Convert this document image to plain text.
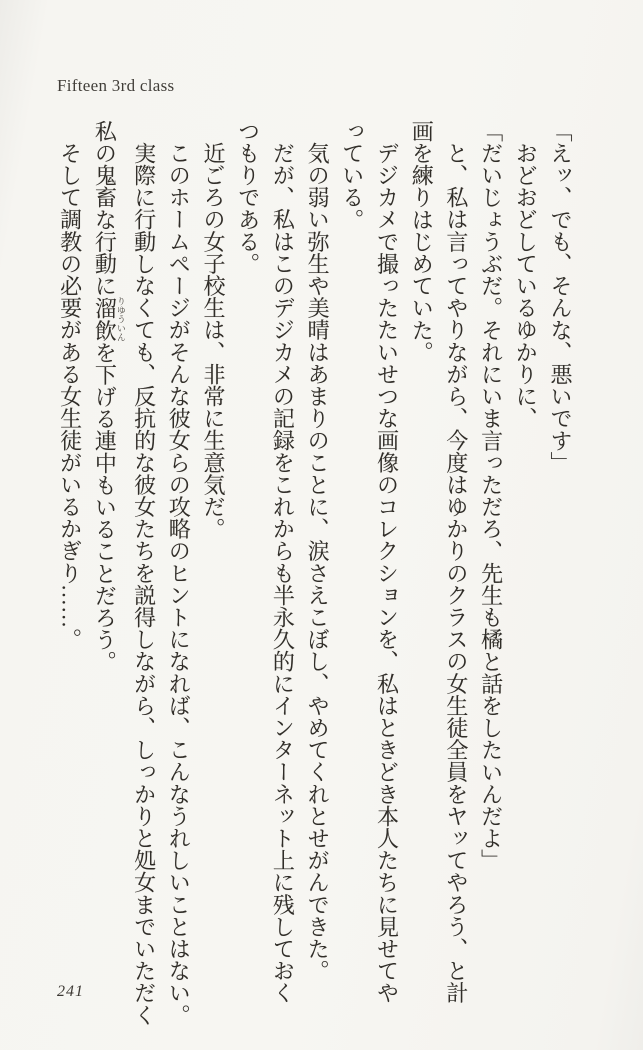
Fifteen 3rd class

「えッ、でも、そんな、悪いです」

おどおどしているゆかりに、

「だいじょうぶだ。それにいま言っただろ、先生も橘と話をしたいんだよ」

と、私は言ってやりながら、今度はゆかりのクラスの女生徒全員をヤッてやろう、と計

画を練りはじめていた。

デジカメで撮ったたいせつな画像のコレクションを、私はときどき本人たちに見せてや

っている。

気の弱い弥生や美晴はあまりのことに、涙さえこぼし、やめてくれとせがんできた。

だが、私はこのデジカメの記録をこれからも半永久的にインターネット上に残しておく

つもりである。

近ごろの女子校生は、非常に生意気だ。

このホームページがそんな彼女らの攻略のヒントになれば、こんなうれしいことはない。

実際に行動しなくても、反抗的な彼女たちを説得しながら、しっかりと処女までいただく

私の鬼畜な行動に溜飲りゆういんを下げる連中もいることだろう。

そして調教の必要がある女生徒がいるかぎり……。

241
